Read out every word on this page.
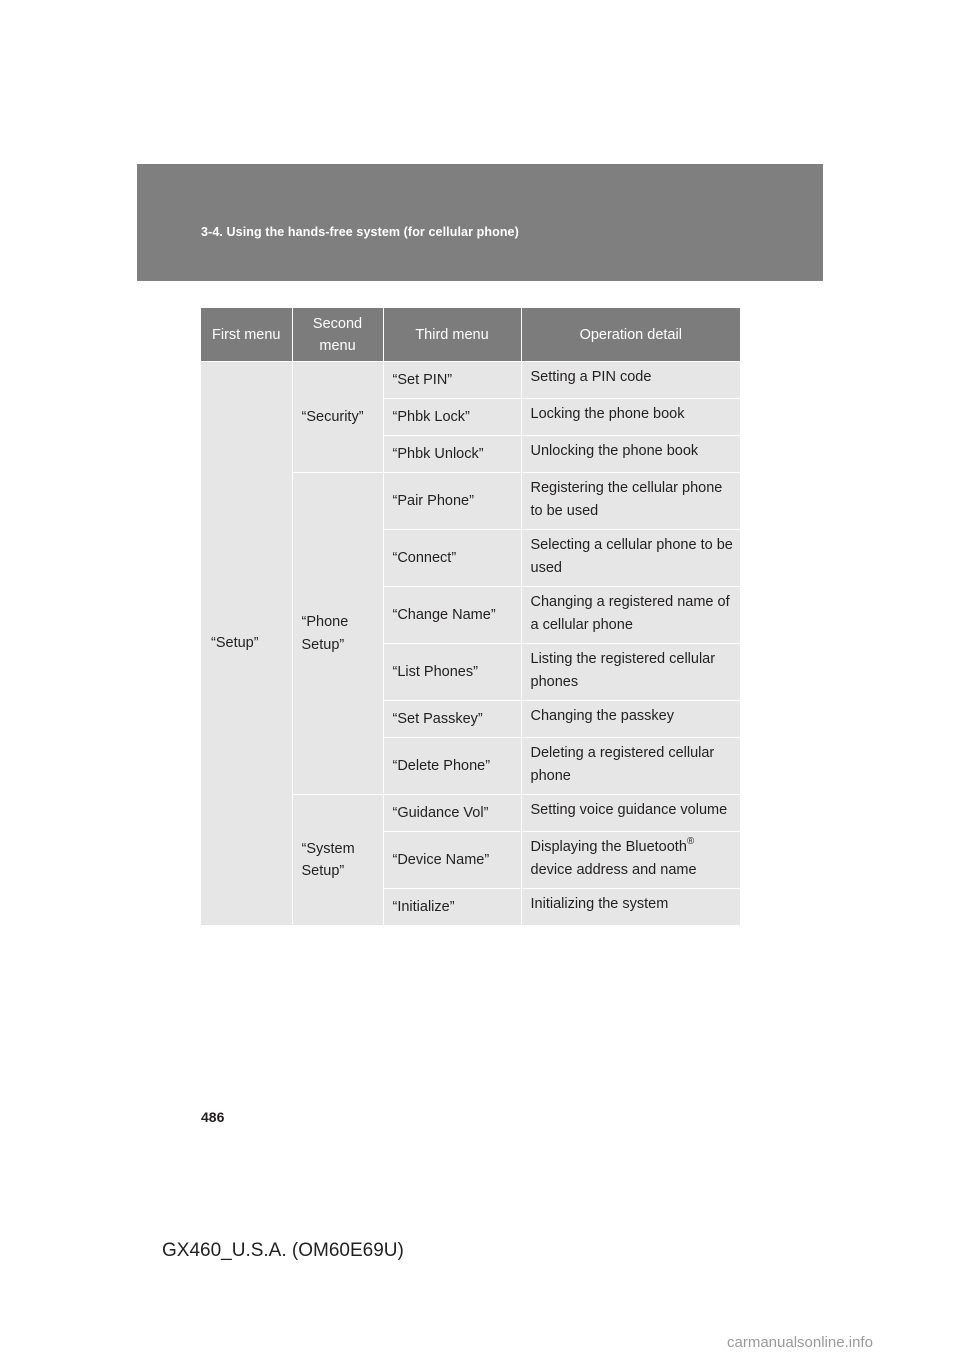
3-4. Using the hands-free system (for cellular phone)
First menu	Second menu	Third menu	Operation detail
“Setup”	“Security”	“Set PIN”	Setting a PIN code
		“Phbk Lock”	Locking the phone book
		“Phbk Unlock”	Unlocking the phone book
	“Phone Setup”	“Pair Phone”	Registering the cellular phone to be used
		“Connect”	Selecting a cellular phone to be used
		“Change Name”	Changing a registered name of a cellular phone
		“List Phones”	Listing the registered cellular phones
		“Set Passkey”	Changing the passkey
		“Delete Phone”	Deleting a registered cellular phone
	“System Setup”	“Guidance Vol”	Setting voice guidance volume
		“Device Name”	Displaying the Bluetooth® device address and name
		“Initialize”	Initializing the system
486
GX460_U.S.A. (OM60E69U)
carmanualsonline.info
